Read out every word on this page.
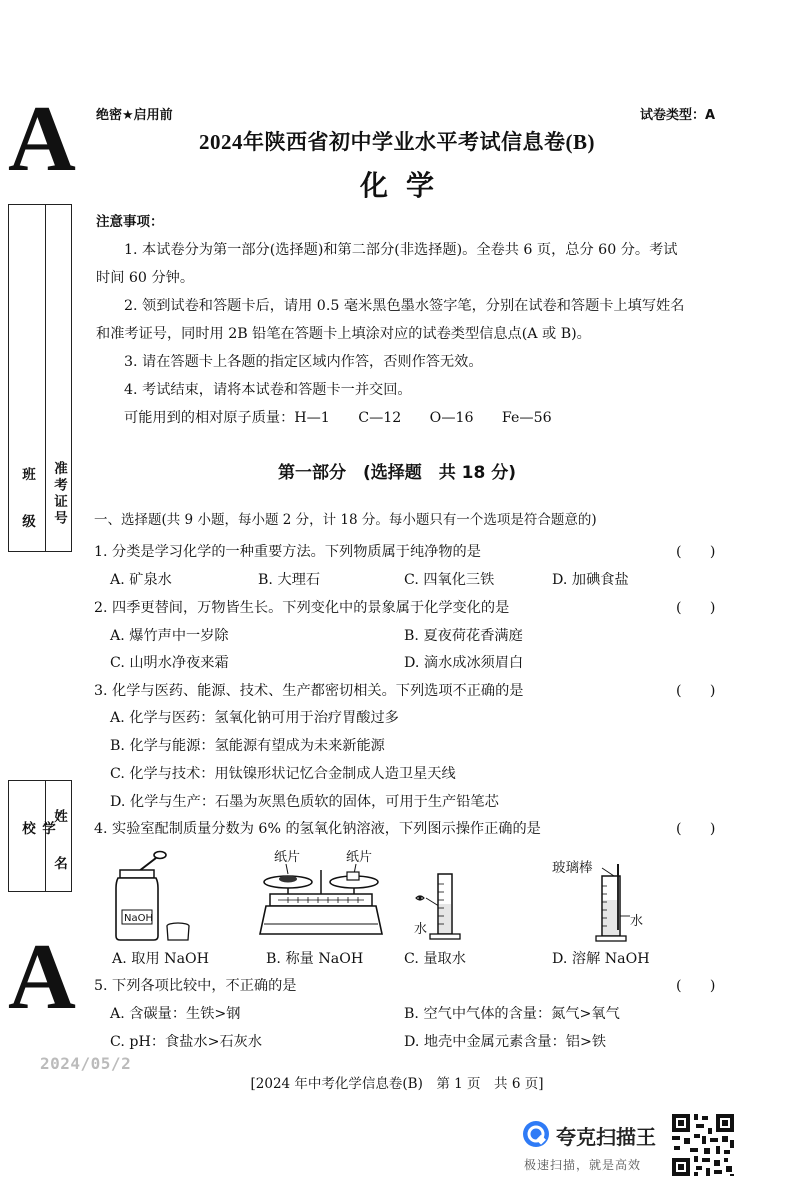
A
A
班　级 准考证号
学　校	姓　名
绝密★启用前	试卷类型：A
2024年陕西省初中学业水平考试信息卷(B)
化学
注意事项：
1. 本试卷分为第一部分(选择题)和第二部分(非选择题)。全卷共 6 页，总分 60 分。考试
时间 60 分钟。
2. 领到试卷和答题卡后，请用 0.5 毫米黑色墨水签字笔，分别在试卷和答题卡上填写姓名
和准考证号，同时用 2B 铅笔在答题卡上填涂对应的试卷类型信息点(A 或 B)。
3. 请在答题卡上各题的指定区域内作答，否则作答无效。
4. 考试结束，请将本试卷和答题卡一并交回。
可能用到的相对原子质量：H—1　　C—12　　O—16　　Fe—56
第一部分　(选择题　共 18 分)
一、选择题(共 9 小题，每小题 2 分，计 18 分。每小题只有一个选项是符合题意的)
1. 分类是学习化学的一种重要方法。下列物质属于纯净物的是	(　　)
A. 矿泉水	B. 大理石	C. 四氧化三铁	D. 加碘食盐
2. 四季更替间，万物皆生长。下列变化中的景象属于化学变化的是	(　　)
A. 爆竹声中一岁除	B. 夏夜荷花香满庭
C. 山明水净夜来霜	D. 滴水成冰须眉白
3. 化学与医药、能源、技术、生产都密切相关。下列选项不正确的是	(　　)
A. 化学与医药：氢氧化钠可用于治疗胃酸过多
B. 化学与能源：氢能源有望成为未来新能源
C. 化学与技术：用钛镍形状记忆合金制成人造卫星天线
D. 化学与生产：石墨为灰黑色质软的固体，可用于生产铅笔芯
4. 实验室配制质量分数为 6% 的氢氧化钠溶液，下列图示操作正确的是	(　　)
NaOH
纸片	纸片
水
玻璃棒
水
A. 取用 NaOH	B. 称量 NaOH	C. 量取水	D. 溶解 NaOH
5. 下列各项比较中，不正确的是	(　　)
A. 含碳量：生铁>钢	B. 空气中气体的含量：氮气>氧气
C. pH：食盐水>石灰水	D. 地壳中金属元素含量：铝>铁
2024/05/2
[2024 年中考化学信息卷(B)　第 1 页　共 6 页]
夸克扫描王
极速扫描，就是高效
